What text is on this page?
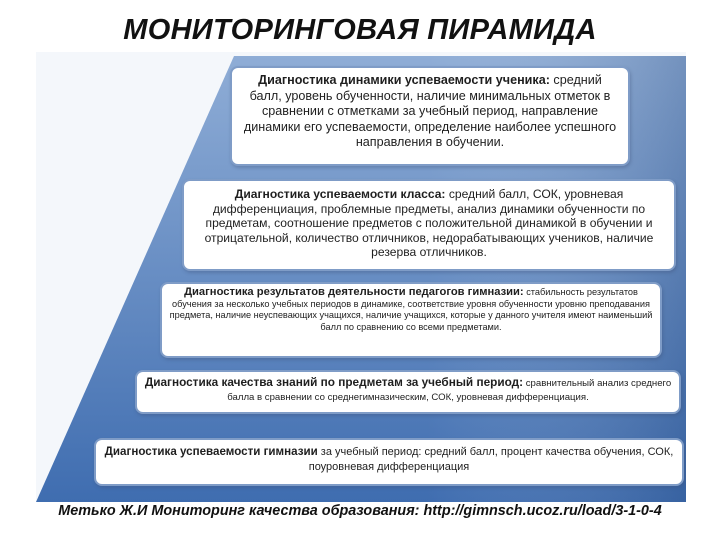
МОНИТОРИНГОВАЯ ПИРАМИДА
Диагностика динамики успеваемости ученика: средний балл, уровень обученности, наличие минимальных отметок в сравнении с отметками за учебный период, направление динамики его успеваемости, определение наиболее успешного направления в обучении.
Диагностика успеваемости класса: средний балл, СОК, уровневая дифференциация, проблемные предметы, анализ динамики обученности по предметам, соотношение предметов с положительной динамикой в обучении и отрицательной, количество отличников, недорабатывающих учеников, наличие резерва отличников.
Диагностика результатов деятельности педагогов гимназии: стабильность результатов обучения за несколько учебных периодов в динамике, соответствие уровня обученности уровню преподавания предмета, наличие неуспевающих учащихся, наличие учащихся, которые у данного учителя имеют наименьший балл по сравнению со всеми предметами.
Диагностика качества знаний по предметам за учебный период: сравнительный анализ среднего балла в сравнении со среднегимназическим, СОК, уровневая дифференциация.
Диагностика успеваемости гимназии за учебный период: средний балл, процент качества обучения, СОК, поуровневая дифференциация
Метько Ж.И Мониторинг качества образования: http://gimnsch.ucoz.ru/load/3-1-0-4
